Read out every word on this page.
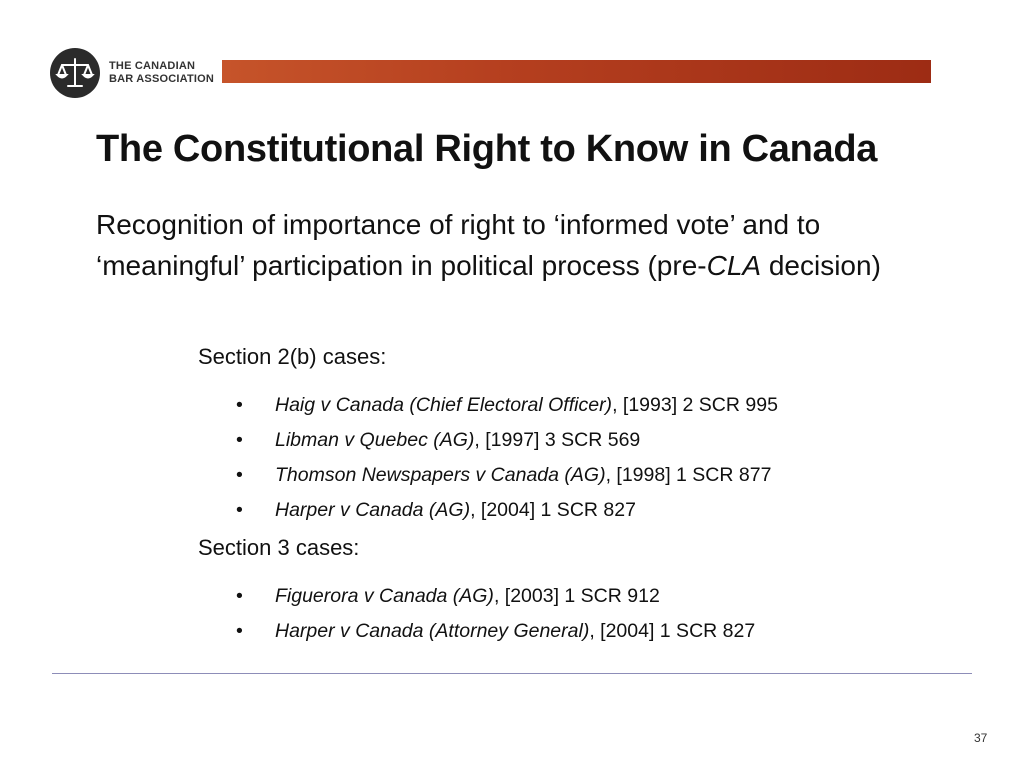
THE CANADIAN
BAR ASSOCIATION
The Constitutional Right to Know in Canada

Recognition of importance of right to ‘informed vote’ and to ‘meaningful’ participation in political process (pre-CLA decision)

Section 2(b) cases:

•	Haig v Canada (Chief Electoral Officer), [1993] 2 SCR 995
•	Libman v Quebec (AG), [1997] 3 SCR 569
•	Thomson Newspapers v Canada (AG), [1998] 1 SCR 877
•	Harper v Canada (AG), [2004] 1 SCR 827

Section 3 cases:

•	Figuerora v Canada (AG), [2003] 1 SCR 912
•	Harper v Canada (Attorney General), [2004] 1 SCR 827
37
